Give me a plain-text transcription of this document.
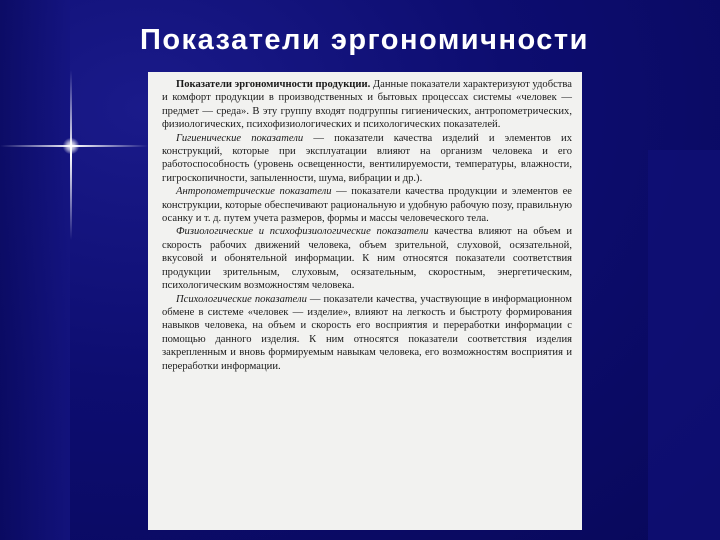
Показатели эргономичности

Показатели эргономичности продукции. Данные показатели характеризуют удобства и комфорт продукции в производственных и бытовых процессах системы «человек — предмет — среда». В эту группу входят подгруппы гигиенических, антропометрических, физиологических, психофизиологических и психологических показателей.

Гигиенические показатели — показатели качества изделий и элементов их конструкций, которые при эксплуатации влияют на организм человека и его работоспособность (уровень освещенности, вентилируемости, температуры, влажности, гигроскопичности, запыленности, шума, вибрации и др.).

Антропометрические показатели — показатели качества продукции и элементов ее конструкции, которые обеспечивают рациональную и удобную рабочую позу, правильную осанку и т. д. путем учета размеров, формы и массы человеческого тела.

Физиологические и психофизиологические показатели качества влияют на объем и скорость рабочих движений человека, объем зрительной, слуховой, осязательной, вкусовой и обонятельной информации. К ним относятся показатели соответствия продукции зрительным, слуховым, осязательным, скоростным, энергетическим, психологическим возможностям человека.

Психологические показатели — показатели качества, участвующие в информационном обмене в системе «человек — изделие», влияют на легкость и быстроту формирования навыков человека, на объем и скорость его восприятия и переработки информации с помощью данного изделия. К ним относятся показатели соответствия изделия закрепленным и вновь формируемым навыкам человека, его возможностям восприятия и переработки информации.
